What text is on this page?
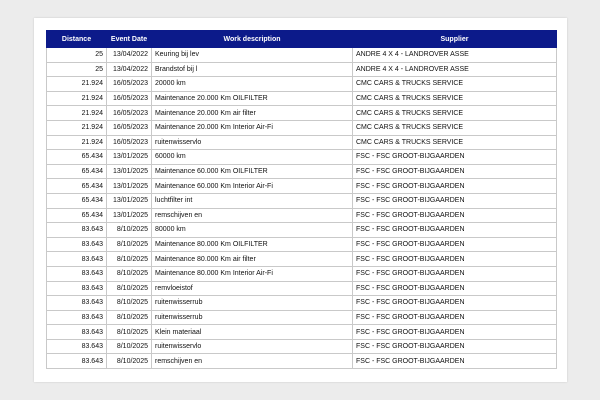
Distance	Event Date	Work description	Supplier
25	13/04/2022	Keuring bij lev	ANDRE 4 X 4 - LANDROVER ASSE
25	13/04/2022	Brandstof bij l	ANDRE 4 X 4 - LANDROVER ASSE
21.924	16/05/2023	20000 km	CMC CARS & TRUCKS SERVICE
21.924	16/05/2023	Maintenance 20.000 Km OILFILTER	CMC CARS & TRUCKS SERVICE
21.924	16/05/2023	Maintenance 20.000 Km air filter	CMC CARS & TRUCKS SERVICE
21.924	16/05/2023	Maintenance 20.000 Km Interior Air-Fi	CMC CARS & TRUCKS SERVICE
21.924	16/05/2023	ruitenwisservlo	CMC CARS & TRUCKS SERVICE
65.434	13/01/2025	60000 km	FSC - FSC GROOT-BIJGAARDEN
65.434	13/01/2025	Maintenance 60.000 Km OILFILTER	FSC - FSC GROOT-BIJGAARDEN
65.434	13/01/2025	Maintenance 60.000 Km Interior Air-Fi	FSC - FSC GROOT-BIJGAARDEN
65.434	13/01/2025	luchtfilter int	FSC - FSC GROOT-BIJGAARDEN
65.434	13/01/2025	remschijven en	FSC - FSC GROOT-BIJGAARDEN
83.643	8/10/2025	80000 km	FSC - FSC GROOT-BIJGAARDEN
83.643	8/10/2025	Maintenance 80.000 Km OILFILTER	FSC - FSC GROOT-BIJGAARDEN
83.643	8/10/2025	Maintenance 80.000 Km air filter	FSC - FSC GROOT-BIJGAARDEN
83.643	8/10/2025	Maintenance 80.000 Km Interior Air-Fi	FSC - FSC GROOT-BIJGAARDEN
83.643	8/10/2025	remvloeistof	FSC - FSC GROOT-BIJGAARDEN
83.643	8/10/2025	ruitenwisserrub	FSC - FSC GROOT-BIJGAARDEN
83.643	8/10/2025	ruitenwisserrub	FSC - FSC GROOT-BIJGAARDEN
83.643	8/10/2025	Klein materiaal	FSC - FSC GROOT-BIJGAARDEN
83.643	8/10/2025	ruitenwisservlo	FSC - FSC GROOT-BIJGAARDEN
83.643	8/10/2025	remschijven en	FSC - FSC GROOT-BIJGAARDEN
